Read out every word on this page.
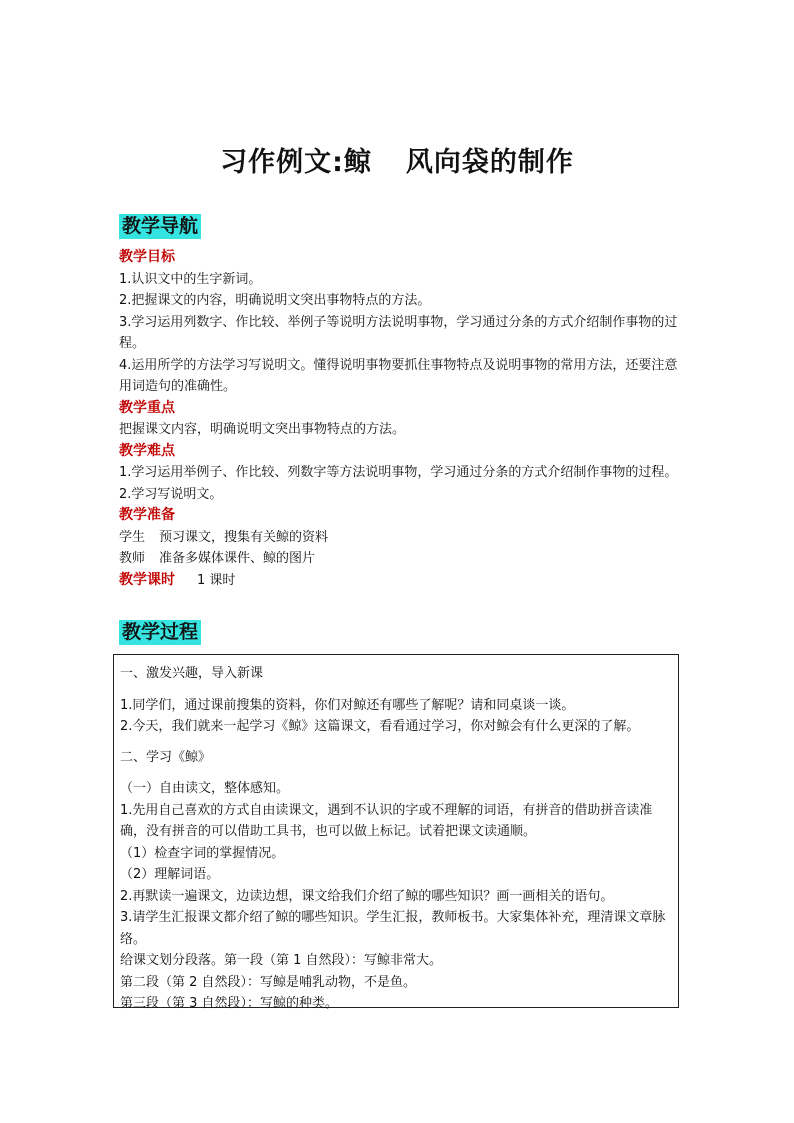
习作例文:鲸 风向袋的制作
教学导航

教学目标

1.认识文中的生字新词。

2.把握课文的内容，明确说明文突出事物特点的方法。

3.学习运用列数字、作比较、举例子等说明方法说明事物，学习通过分条的方式介绍制作事物的过程。

4.运用所学的方法学习写说明文。懂得说明事物要抓住事物特点及说明事物的常用方法，还要注意用词造句的准确性。

教学重点

把握课文内容，明确说明文突出事物特点的方法。

教学难点

1.学习运用举例子、作比较、列数字等方法说明事物，学习通过分条的方式介绍制作事物的过程。

2.学习写说明文。

教学准备

学生 预习课文，搜集有关鲸的资料

教师 准备多媒体课件、鲸的图片

教学课时 1 课时

教学过程

一、激发兴趣，导入新课

1.同学们，通过课前搜集的资料，你们对鲸还有哪些了解呢？请和同桌谈一谈。

2.今天，我们就来一起学习《鲸》这篇课文，看看通过学习，你对鲸会有什么更深的了解。

二、学习《鲸》

（一）自由读文，整体感知。

1.先用自己喜欢的方式自由读课文，遇到不认识的字或不理解的词语，有拼音的借助拼音读准确，没有拼音的可以借助工具书，也可以做上标记。试着把课文读通顺。

（1）检查字词的掌握情况。

（2）理解词语。

2.再默读一遍课文，边读边想，课文给我们介绍了鲸的哪些知识？画一画相关的语句。

3.请学生汇报课文都介绍了鲸的哪些知识。学生汇报，教师板书。大家集体补充，理清课文章脉络。

给课文划分段落。第一段（第 1 自然段）：写鲸非常大。

第二段（第 2 自然段）：写鲸是哺乳动物，不是鱼。

第三段（第 3 自然段）：写鲸的种类。
